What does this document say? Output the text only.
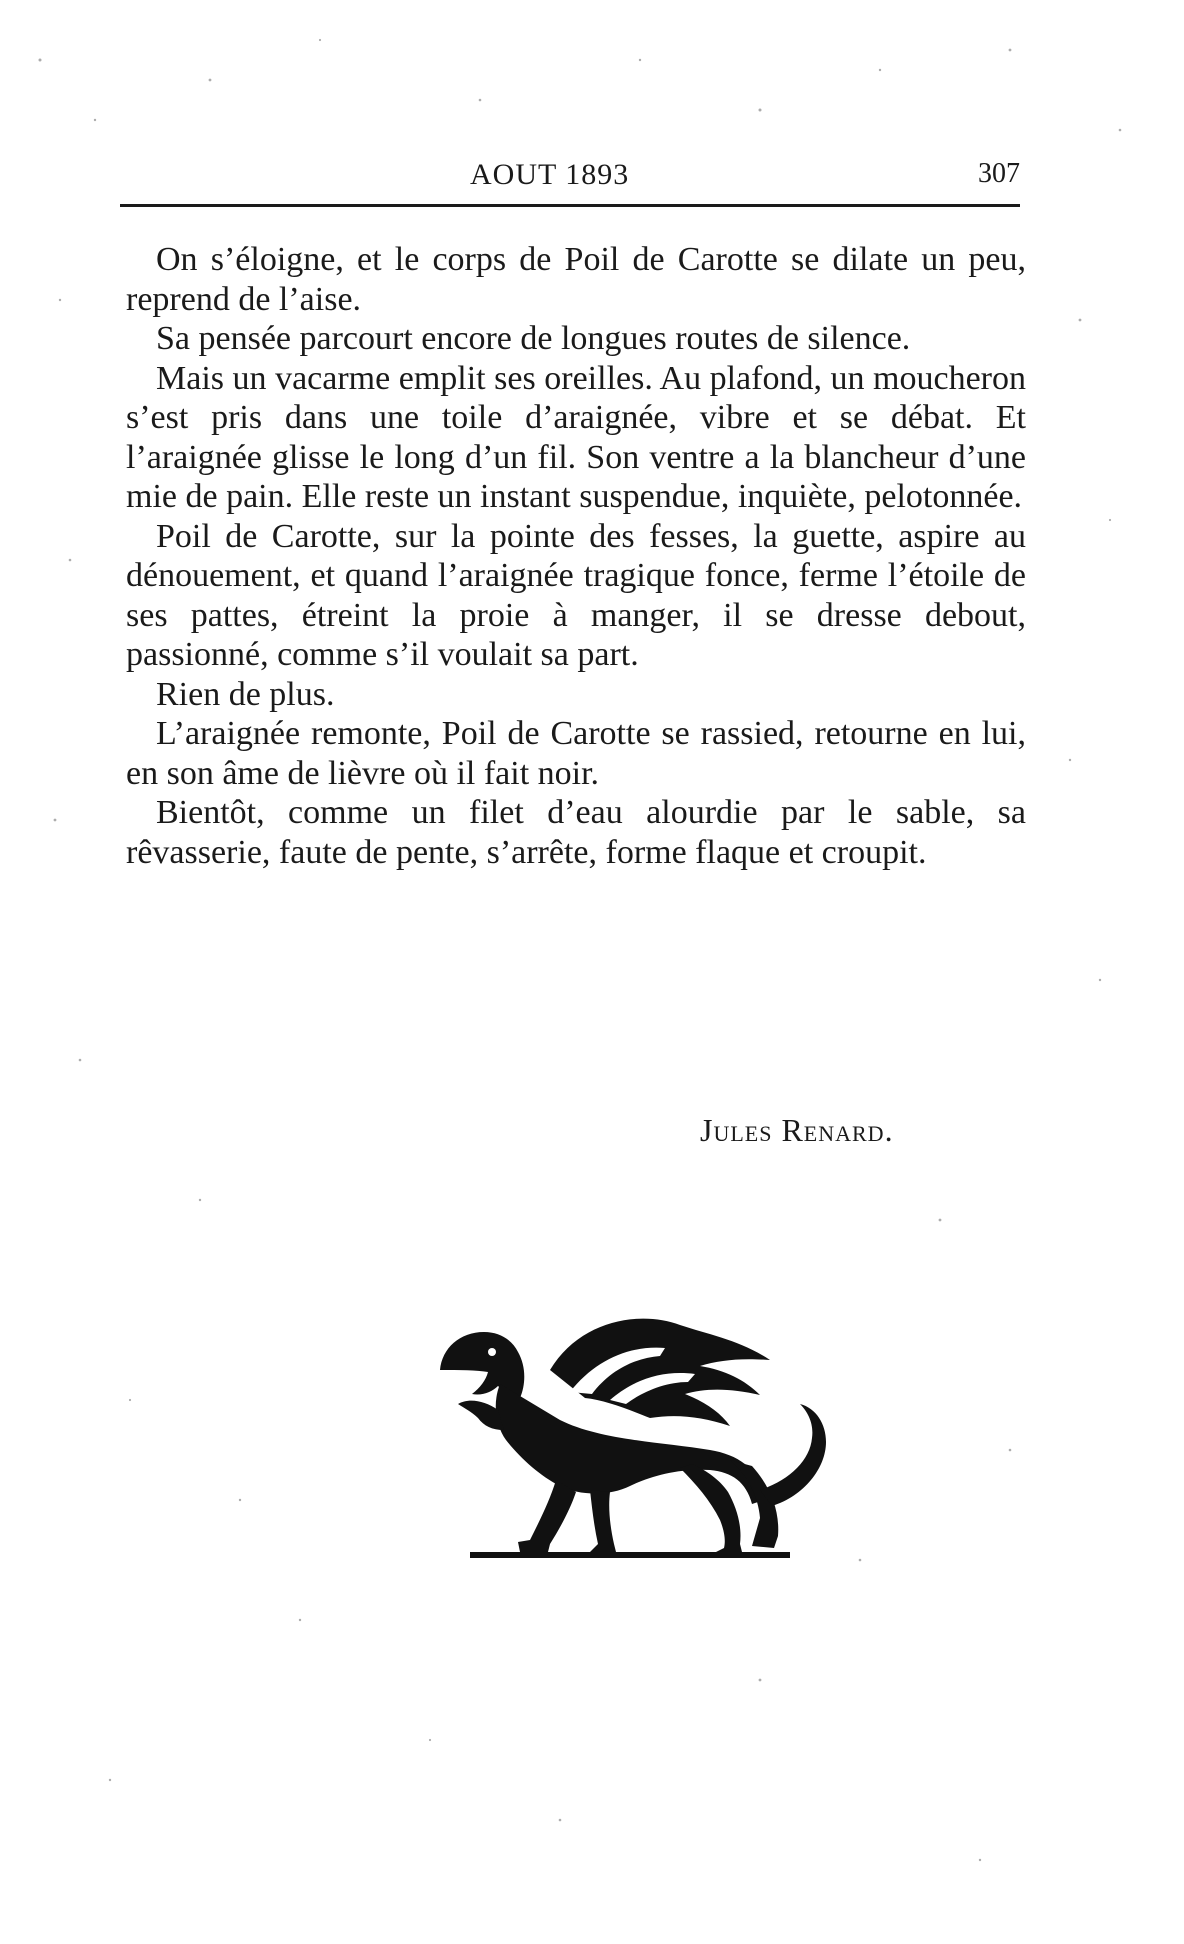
AOUT 1893	307

On s’éloigne, et le corps de Poil de Carotte se dilate un peu, reprend de l’aise.

Sa pensée parcourt encore de longues routes de silence.

Mais un vacarme emplit ses oreilles. Au plafond, un moucheron s’est pris dans une toile d’araignée, vibre et se débat. Et l’araignée glisse le long d’un fil. Son ventre a la blancheur d’une mie de pain. Elle reste un instant suspendue, inquiète, pelotonnée.

Poil de Carotte, sur la pointe des fesses, la guette, aspire au dénouement, et quand l’araignée tragique fonce, ferme l’étoile de ses pattes, étreint la proie à manger, il se dresse debout, passionné, comme s’il voulait sa part.

Rien de plus.

L’araignée remonte, Poil de Carotte se rassied, retourne en lui, en son âme de lièvre où il fait noir.

Bientôt, comme un filet d’eau alourdie par le sable, sa rêvasserie, faute de pente, s’arrête, forme flaque et croupit.

Jules Renard.
